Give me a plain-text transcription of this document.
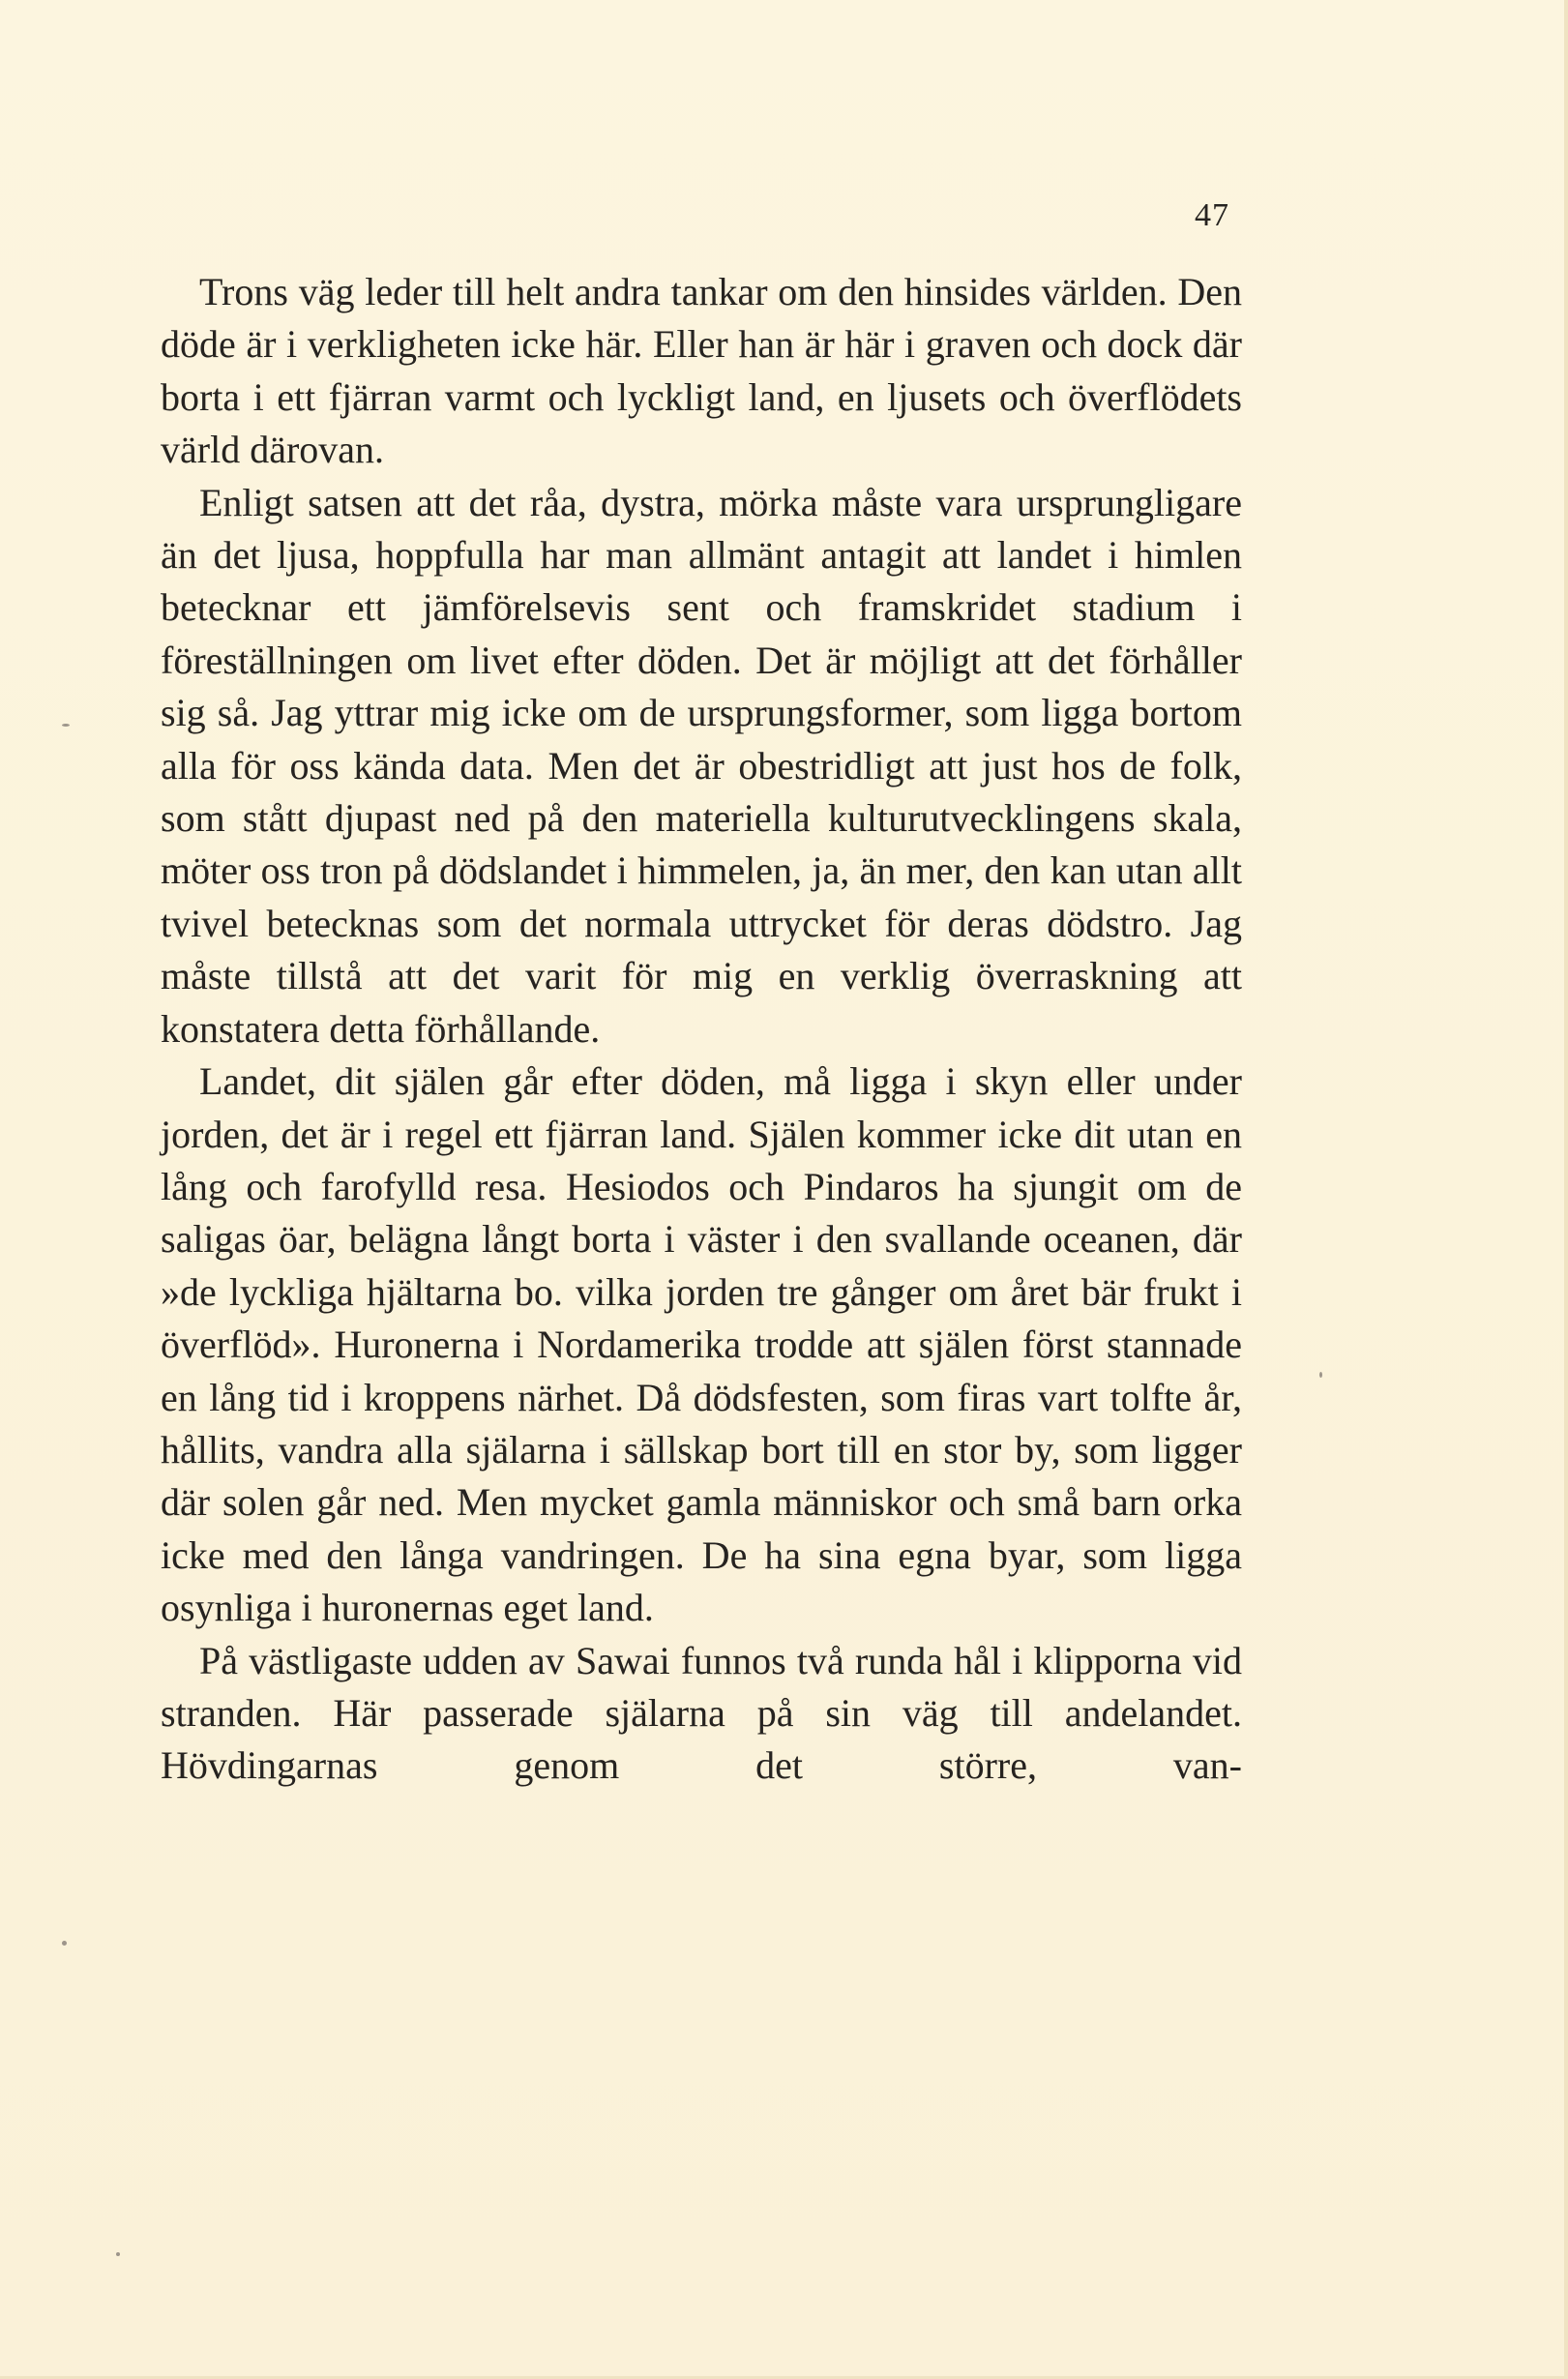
47

Trons väg leder till helt andra tankar om den hinsides världen. Den döde är i verkligheten icke här. Eller han är här i graven och dock där borta i ett fjärran varmt och lyckligt land, en ljusets och överflödets värld därovan.

Enligt satsen att det råa, dystra, mörka måste vara ursprungligare än det ljusa, hoppfulla har man allmänt antagit att landet i himlen betecknar ett jämförelsevis sent och framskridet stadium i föreställningen om livet efter döden. Det är möjligt att det förhåller sig så. Jag yttrar mig icke om de ursprungsformer, som ligga bortom alla för oss kända data. Men det är obestridligt att just hos de folk, som stått djupast ned på den materiella kulturutvecklingens skala, möter oss tron på dödslandet i himmelen, ja, än mer, den kan utan allt tvivel betecknas som det normala uttrycket för deras dödstro. Jag måste tillstå att det varit för mig en verklig överraskning att konstatera detta förhållande.

Landet, dit själen går efter döden, må ligga i skyn eller under jorden, det är i regel ett fjärran land. Själen kommer icke dit utan en lång och farofylld resa. Hesiodos och Pindaros ha sjungit om de saligas öar, belägna långt borta i väster i den svallande oceanen, där »de lyckliga hjältarna bo. vilka jorden tre gånger om året bär frukt i överflöd». Huronerna i Nordamerika trodde att själen först stannade en lång tid i kroppens närhet. Då dödsfesten, som firas vart tolfte år, hållits, vandra alla själarna i sällskap bort till en stor by, som ligger där solen går ned. Men mycket gamla människor och små barn orka icke med den långa vandringen. De ha sina egna byar, som ligga osynliga i huronernas eget land.

På västligaste udden av Sawai funnos två runda hål i klipporna vid stranden. Här passerade själarna på sin väg till andelandet. Hövdingarnas genom det större, van-
